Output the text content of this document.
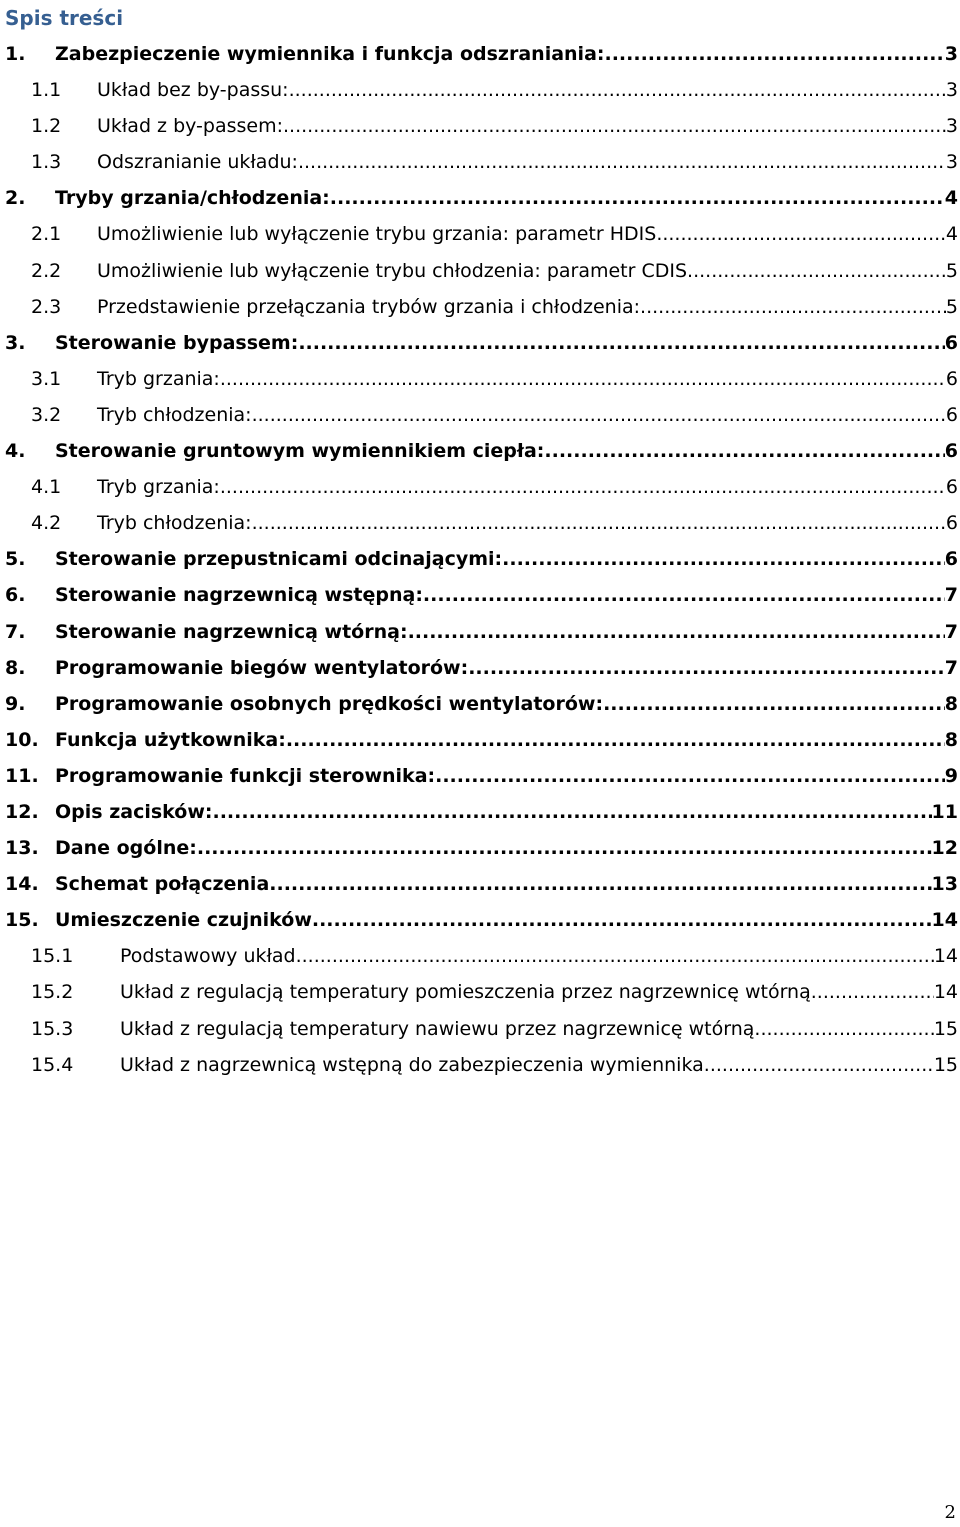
Spis treści
1.	Zabezpieczenie wymiennika i funkcja odszraniania: .....	3
1.1	Układ bez by-passu: .....	3
1.2	Układ z by-passem: .....	3
1.3	Odszranianie układu: .....	3
2.	Tryby grzania/chłodzenia: .....	4
2.1	Umożliwienie lub wyłączenie trybu grzania: parametr HDIS .....	4
2.2	Umożliwienie lub wyłączenie trybu chłodzenia: parametr CDIS .....	5
2.3	Przedstawienie przełączania trybów grzania i chłodzenia: .....	5
3.	Sterowanie bypassem: .....	6
3.1	Tryb grzania: .....	6
3.2	Tryb chłodzenia: .....	6
4.	Sterowanie gruntowym wymiennikiem ciepła: .....	6
4.1	Tryb grzania: .....	6
4.2	Tryb chłodzenia: .....	6
5.	Sterowanie przepustnicami odcinającymi: .....	6
6.	Sterowanie nagrzewnicą wstępną: .....	7
7.	Sterowanie nagrzewnicą wtórną: .....	7
8.	Programowanie biegów wentylatorów: .....	7
9.	Programowanie osobnych prędkości wentylatorów: .....	8
10. Funkcja użytkownika: .....	8
11. Programowanie funkcji sterownika: .....	9
12. Opis zacisków: .....	11
13. Dane ogólne: .....	12
14. Schemat połączenia .....	13
15. Umieszczenie czujników .....	14
15.1	Podstawowy układ .....	14
15.2	Układ z regulacją temperatury pomieszczenia przez nagrzewnicę wtórną .....	14
15.3	Układ z regulacją temperatury nawiewu przez nagrzewnicę wtórną .....	15
15.4	Układ z nagrzewnicą wstępną do zabezpieczenia wymiennika .....	15
2
